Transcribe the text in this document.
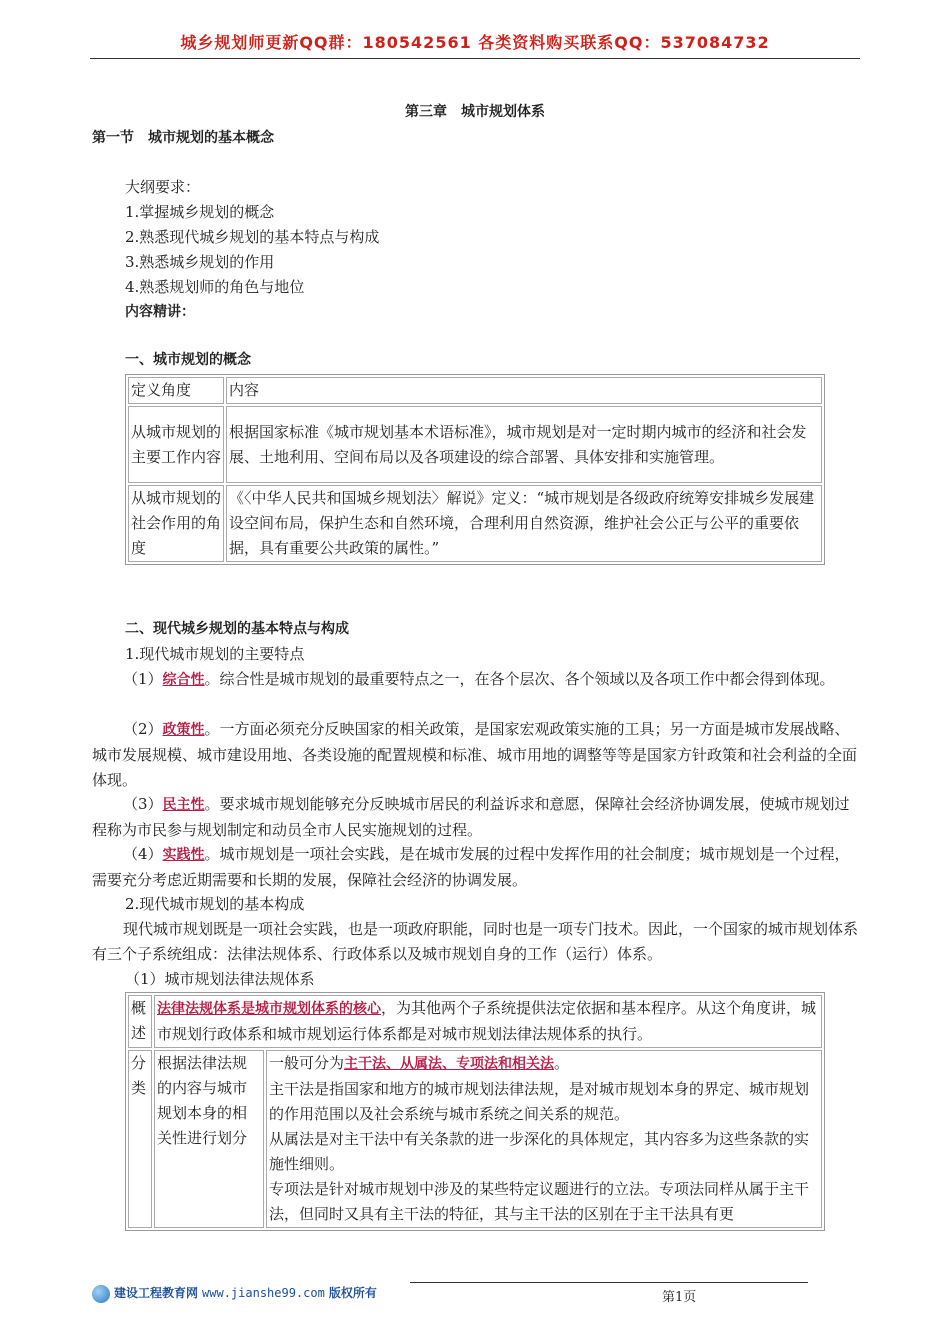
城乡规划师更新QQ群：180542561 各类资料购买联系QQ：537084732
第三章　城市规划体系
第一节　城市规划的基本概念
大纲要求：
1.掌握城乡规划的概念
2.熟悉现代城乡规划的基本特点与构成
3.熟悉城乡规划的作用
4.熟悉规划师的角色与地位
内容精讲：
一、城市规划的概念
定义角度	内容
从城市规划的主要工作内容	根据国家标准《城市规划基本术语标准》，城市规划是对一定时期内城市的经济和社会发展、土地利用、空间布局以及各项建设的综合部署、具体安排和实施管理。
从城市规划的社会作用的角度	《〈中华人民共和国城乡规划法〉解说》定义：“城市规划是各级政府统筹安排城乡发展建设空间布局，保护生态和自然环境，合理利用自然资源，维护社会公正与公平的重要依据，具有重要公共政策的属性。”
二、现代城乡规划的基本特点与构成
1.现代城市规划的主要特点
（1）综合性。综合性是城市规划的最重要特点之一，在各个层次、各个领域以及各项工作中都会得到体现。
（2）政策性。一方面必须充分反映国家的相关政策，是国家宏观政策实施的工具；另一方面是城市发展战略、城市发展规模、城市建设用地、各类设施的配置规模和标准、城市用地的调整等等是国家方针政策和社会利益的全面体现。
（3）民主性。要求城市规划能够充分反映城市居民的利益诉求和意愿，保障社会经济协调发展，使城市规划过程称为市民参与规划制定和动员全市人民实施规划的过程。
（4）实践性。城市规划是一项社会实践，是在城市发展的过程中发挥作用的社会制度；城市规划是一个过程，需要充分考虑近期需要和长期的发展，保障社会经济的协调发展。
2.现代城市规划的基本构成
现代城市规划既是一项社会实践，也是一项政府职能，同时也是一项专门技术。因此，一个国家的城市规划体系有三个子系统组成：法律法规体系、行政体系以及城市规划自身的工作（运行）体系。
（1）城市规划法律法规体系
概述	法律法规体系是城市规划体系的核心，为其他两个子系统提供法定依据和基本程序。从这个角度讲，城市规划行政体系和城市规划运行体系都是对城市规划法律法规体系的执行。	
分类	根据法律法规的内容与城市规划本身的相关性进行划分	一般可分为主干法、从属法、专项法和相关法。
主干法是指国家和地方的城市规划法律法规，是对城市规划本身的界定、城市规划的作用范围以及社会系统与城市系统之间关系的规范。
从属法是对主干法中有关条款的进一步深化的具体规定，其内容多为这些条款的实施性细则。
专项法是针对城市规划中涉及的某些特定议题进行的立法。专项法同样从属于主干法，但同时又具有主干法的特征，其与主干法的区别在于主干法具有更
建设工程教育网 www.jianshe99.com 版权所有	第1页
